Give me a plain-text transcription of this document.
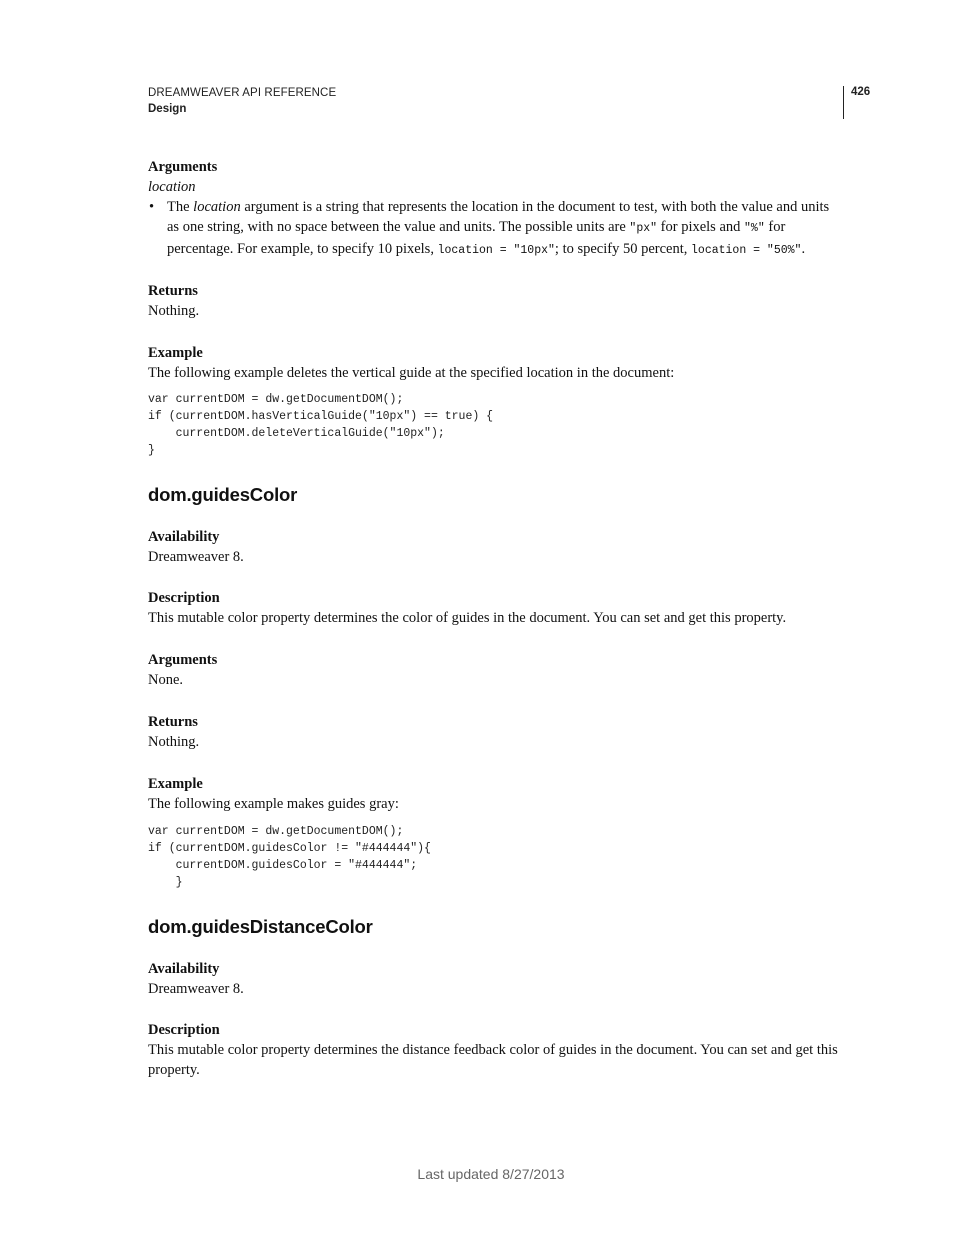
DREAMWEAVER API REFERENCE
Design
426

Arguments

location

• The location argument is a string that represents the location in the document to test, with both the value and units as one string, with no space between the value and units. The possible units are "px" for pixels and "%" for percentage. For example, to specify 10 pixels, location = "10px"; to specify 50 percent, location = "50%".

Returns

Nothing.

Example

The following example deletes the vertical guide at the specified location in the document:

var currentDOM = dw.getDocumentDOM();
if (currentDOM.hasVerticalGuide("10px") == true) {
currentDOM.deleteVerticalGuide("10px");
}
dom.guidesColor

Availability

Dreamweaver 8.

Description

This mutable color property determines the color of guides in the document. You can set and get this property.

Arguments

None.

Returns

Nothing.

Example

The following example makes guides gray:

var currentDOM = dw.getDocumentDOM();
if (currentDOM.guidesColor != "#444444"){
currentDOM.guidesColor = "#444444";
}
dom.guidesDistanceColor

Availability

Dreamweaver 8.

Description

This mutable color property determines the distance feedback color of guides in the document. You can set and get this property.

Last updated 8/27/2013
